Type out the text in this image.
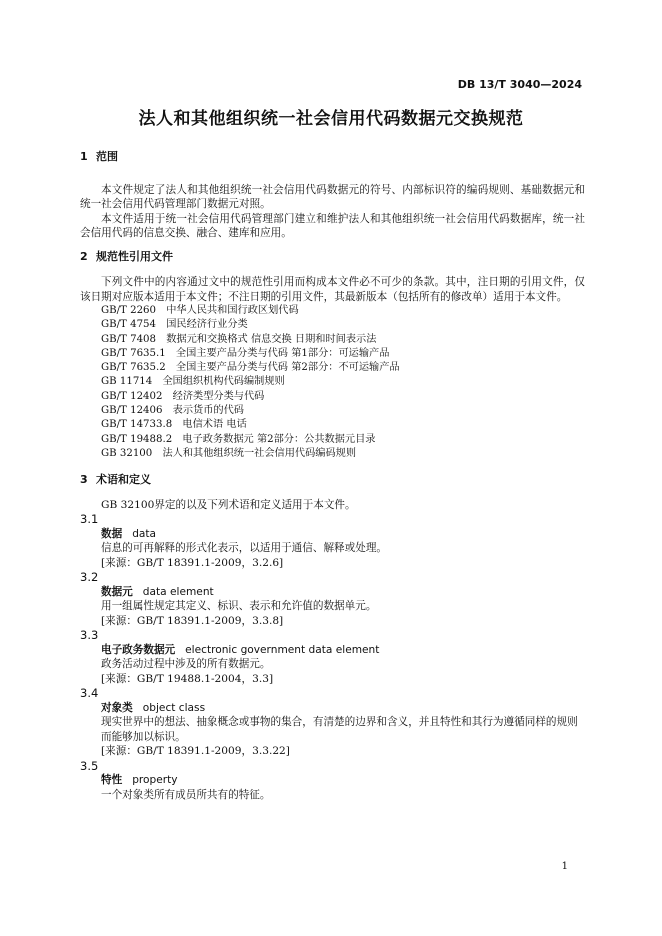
DB 13/T 3040—2024
法人和其他组织统一社会信用代码数据元交换规范

1 范围

本文件规定了法人和其他组织统一社会信用代码数据元的符号、内部标识符的编码规则、基础数据元和统一社会信用代码管理部门数据元对照。

本文件适用于统一社会信用代码管理部门建立和维护法人和其他组织统一社会信用代码数据库，统一社会信用代码的信息交换、融合、建库和应用。

2 规范性引用文件

下列文件中的内容通过文中的规范性引用而构成本文件必不可少的条款。其中，注日期的引用文件，仅该日期对应版本适用于本文件；不注日期的引用文件，其最新版本（包括所有的修改单）适用于本文件。

GB/T 2260　中华人民共和国行政区划代码

GB/T 4754　国民经济行业分类

GB/T 7408　数据元和交换格式 信息交换 日期和时间表示法

GB/T 7635.1　全国主要产品分类与代码 第1部分：可运输产品

GB/T 7635.2　全国主要产品分类与代码 第2部分：不可运输产品

GB 11714　全国组织机构代码编制规则

GB/T 12402　经济类型分类与代码

GB/T 12406　表示货币的代码

GB/T 14733.8　电信术语 电话

GB/T 19488.2　电子政务数据元 第2部分：公共数据元目录

GB 32100　法人和其他组织统一社会信用代码编码规则

3 术语和定义

GB 32100界定的以及下列术语和定义适用于本文件。

3.1

数据 data

信息的可再解释的形式化表示，以适用于通信、解释或处理。

[来源：GB/T 18391.1-2009，3.2.6]

3.2

数据元 data element

用一组属性规定其定义、标识、表示和允许值的数据单元。

[来源：GB/T 18391.1-2009，3.3.8]

3.3

电子政务数据元 electronic government data element

政务活动过程中涉及的所有数据元。

[来源：GB/T 19488.1-2004，3.3]

3.4

对象类 object class

现实世界中的想法、抽象概念或事物的集合，有清楚的边界和含义，并且特性和其行为遵循同样的规则而能够加以标识。

[来源：GB/T 18391.1-2009，3.3.22]

3.5

特性 property

一个对象类所有成员所共有的特征。

1
